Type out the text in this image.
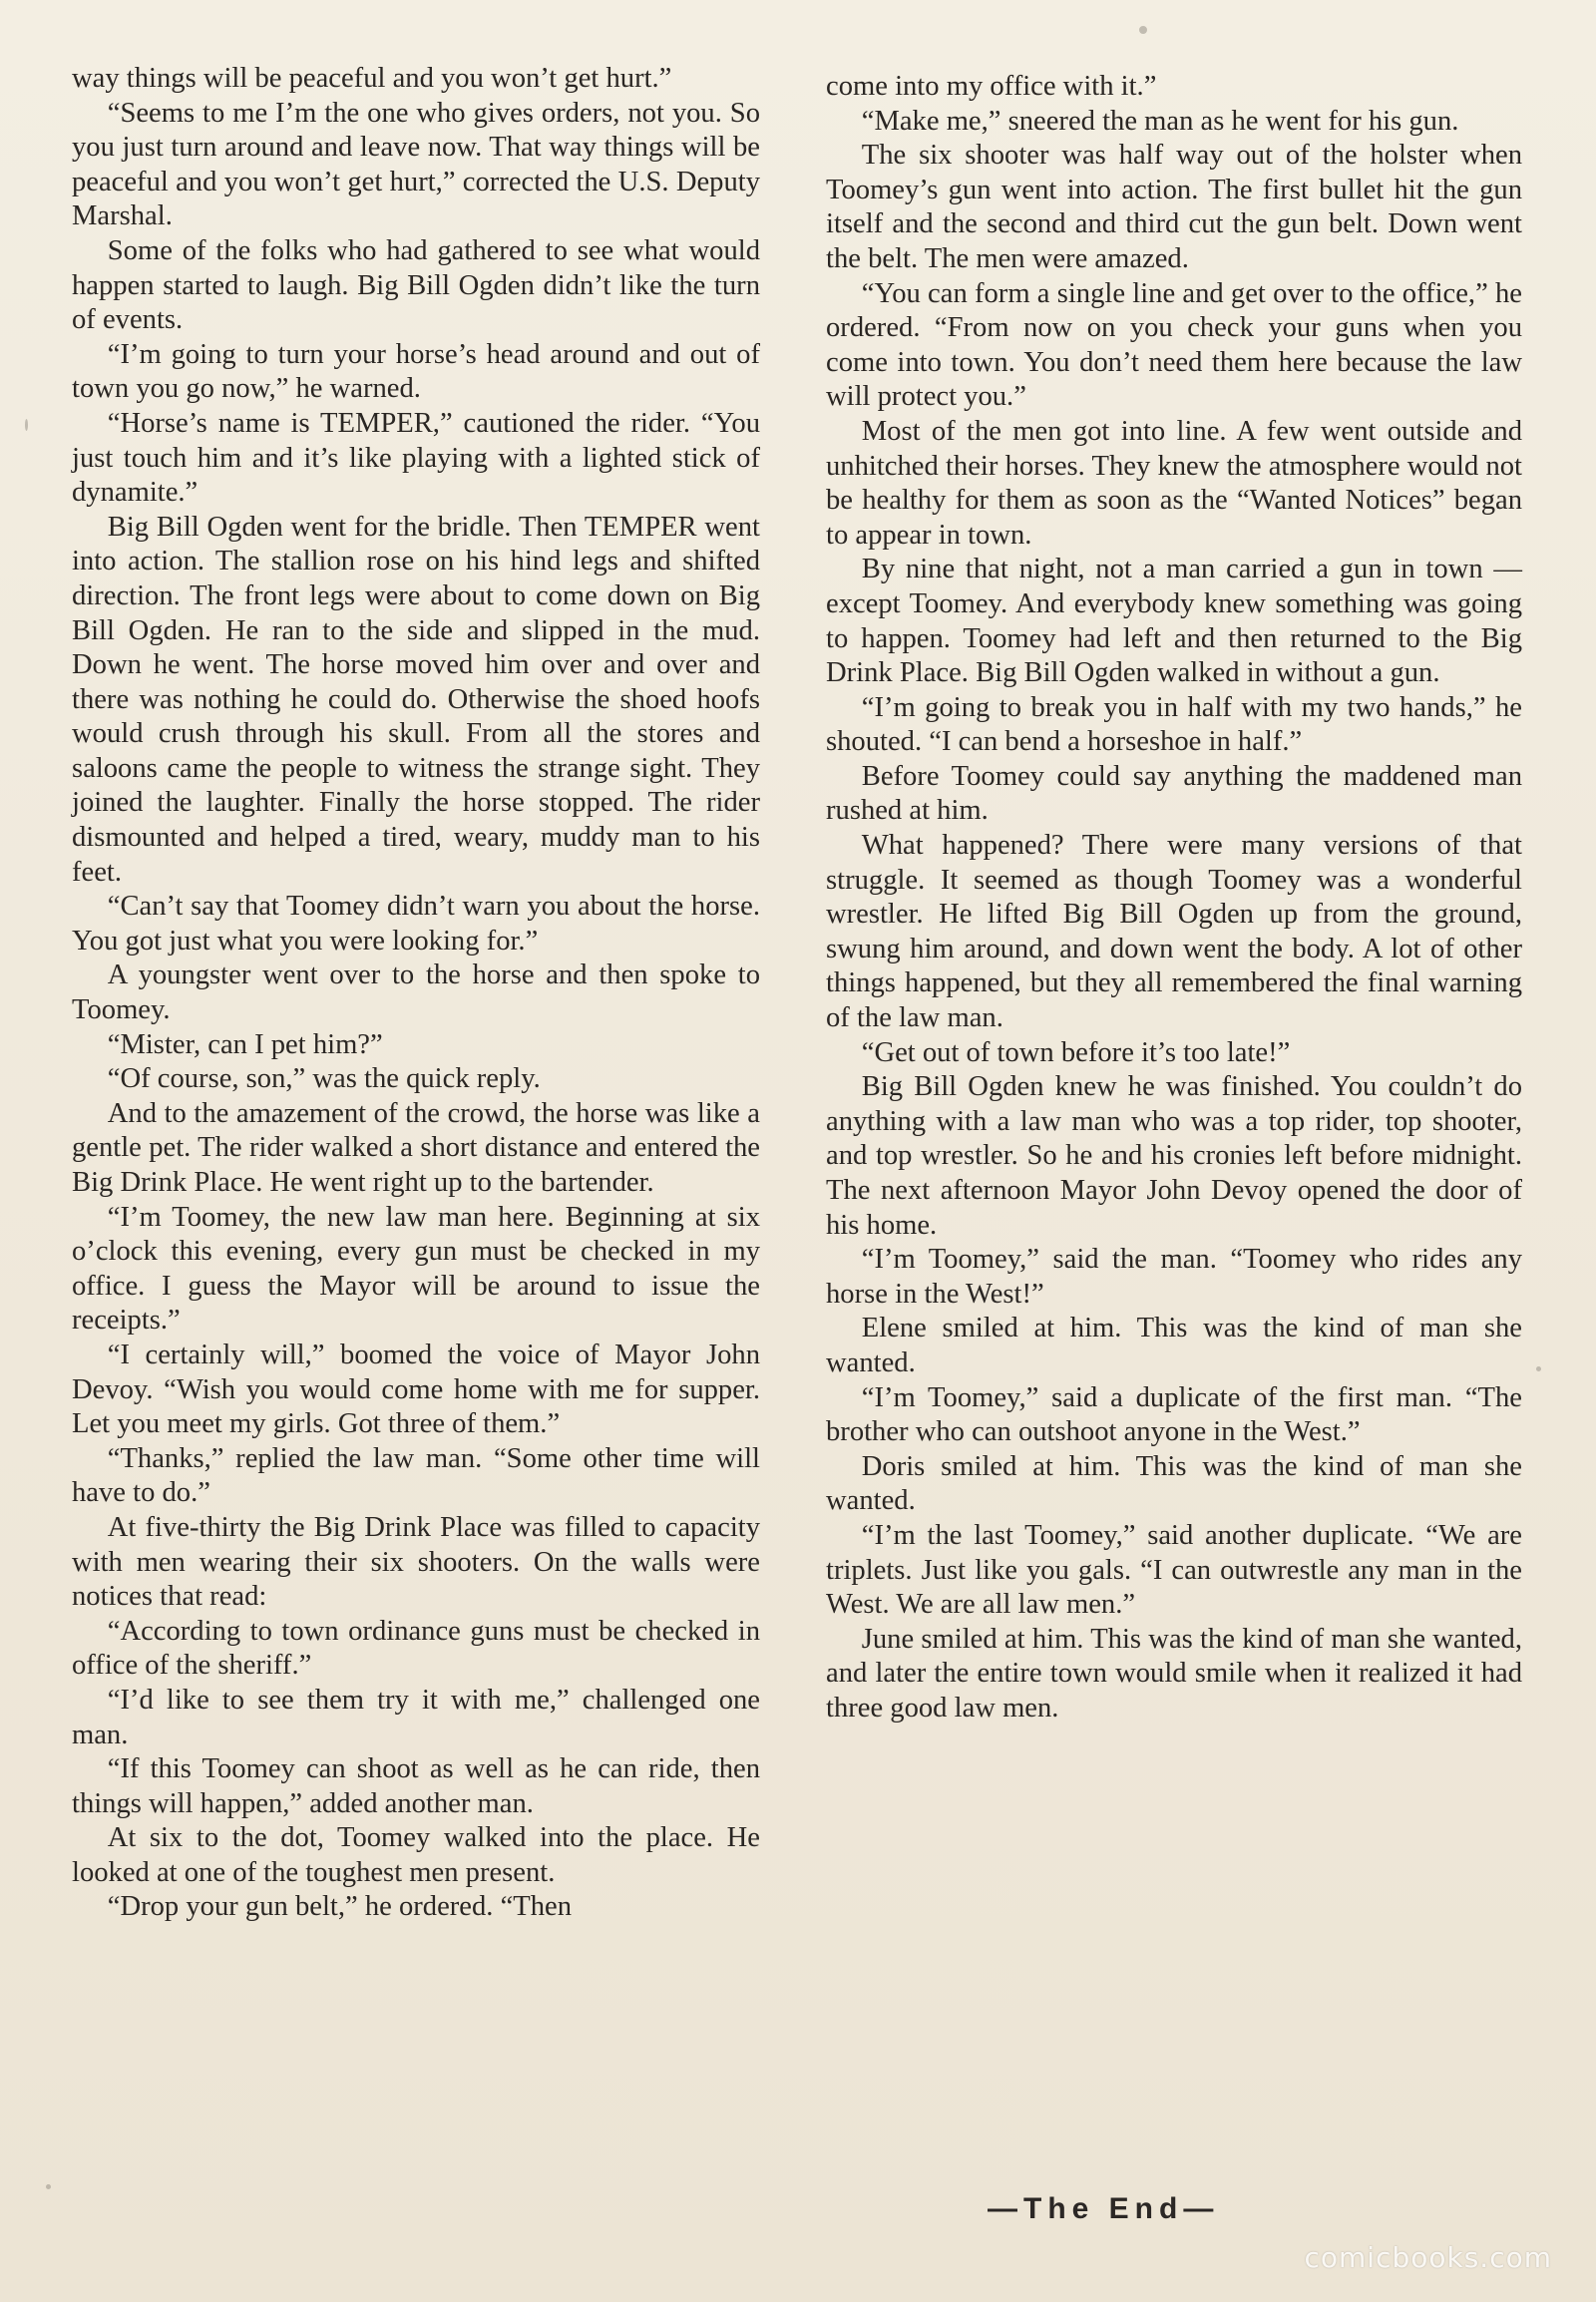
way things will be peaceful and you won’t get hurt.”

“Seems to me I’m the one who gives orders, not you. So you just turn around and leave now. That way things will be peaceful and you won’t get hurt,” corrected the U.S. Deputy Marshal.

Some of the folks who had gathered to see what would happen started to laugh. Big Bill Ogden didn’t like the turn of events.

“I’m going to turn your horse’s head around and out of town you go now,” he warned.

“Horse’s name is TEMPER,” cautioned the rider. “You just touch him and it’s like playing with a lighted stick of dynamite.”

Big Bill Ogden went for the bridle. Then TEMPER went into action. The stallion rose on his hind legs and shifted direction. The front legs were about to come down on Big Bill Ogden. He ran to the side and slipped in the mud. Down he went. The horse moved him over and over and there was nothing he could do. Otherwise the shoed hoofs would crush through his skull. From all the stores and saloons came the people to witness the strange sight. They joined the laughter. Finally the horse stopped. The rider dismounted and helped a tired, weary, muddy man to his feet.

“Can’t say that Toomey didn’t warn you about the horse. You got just what you were looking for.”

A youngster went over to the horse and then spoke to Toomey.

“Mister, can I pet him?”

“Of course, son,” was the quick reply.

And to the amazement of the crowd, the horse was like a gentle pet. The rider walked a short distance and entered the Big Drink Place. He went right up to the bartender.

“I’m Toomey, the new law man here. Beginning at six o’clock this evening, every gun must be checked in my office. I guess the Mayor will be around to issue the receipts.”

“I certainly will,” boomed the voice of Mayor John Devoy. “Wish you would come home with me for supper. Let you meet my girls. Got three of them.”

“Thanks,” replied the law man. “Some other time will have to do.”

At five-thirty the Big Drink Place was filled to capacity with men wearing their six shooters. On the walls were notices that read:

“According to town ordinance guns must be checked in office of the sheriff.”

“I’d like to see them try it with me,” challenged one man.

“If this Toomey can shoot as well as he can ride, then things will happen,” added another man.

At six to the dot, Toomey walked into the place. He looked at one of the toughest men present.

“Drop your gun belt,” he ordered. “Then

come into my office with it.”

“Make me,” sneered the man as he went for his gun.

The six shooter was half way out of the holster when Toomey’s gun went into action. The first bullet hit the gun itself and the second and third cut the gun belt. Down went the belt. The men were amazed.

“You can form a single line and get over to the office,” he ordered. “From now on you check your guns when you come into town. You don’t need them here because the law will protect you.”

Most of the men got into line. A few went outside and unhitched their horses. They knew the atmosphere would not be healthy for them as soon as the “Wanted Notices” began to appear in town.

By nine that night, not a man carried a gun in town — except Toomey. And everybody knew something was going to happen. Toomey had left and then returned to the Big Drink Place. Big Bill Ogden walked in without a gun.

“I’m going to break you in half with my two hands,” he shouted. “I can bend a horseshoe in half.”

Before Toomey could say anything the maddened man rushed at him.

What happened? There were many versions of that struggle. It seemed as though Toomey was a wonderful wrestler. He lifted Big Bill Ogden up from the ground, swung him around, and down went the body. A lot of other things happened, but they all remembered the final warning of the law man.

“Get out of town before it’s too late!”

Big Bill Ogden knew he was finished. You couldn’t do anything with a law man who was a top rider, top shooter, and top wrestler. So he and his cronies left before midnight. The next afternoon Mayor John Devoy opened the door of his home.

“I’m Toomey,” said the man. “Toomey who rides any horse in the West!”

Elene smiled at him. This was the kind of man she wanted.

“I’m Toomey,” said a duplicate of the first man. “The brother who can outshoot anyone in the West.”

Doris smiled at him. This was the kind of man she wanted.

“I’m the last Toomey,” said another duplicate. “We are triplets. Just like you gals. “I can outwrestle any man in the West. We are all law men.”

June smiled at him. This was the kind of man she wanted, and later the entire town would smile when it realized it had three good law men.

—The End—
comicbooks.com
